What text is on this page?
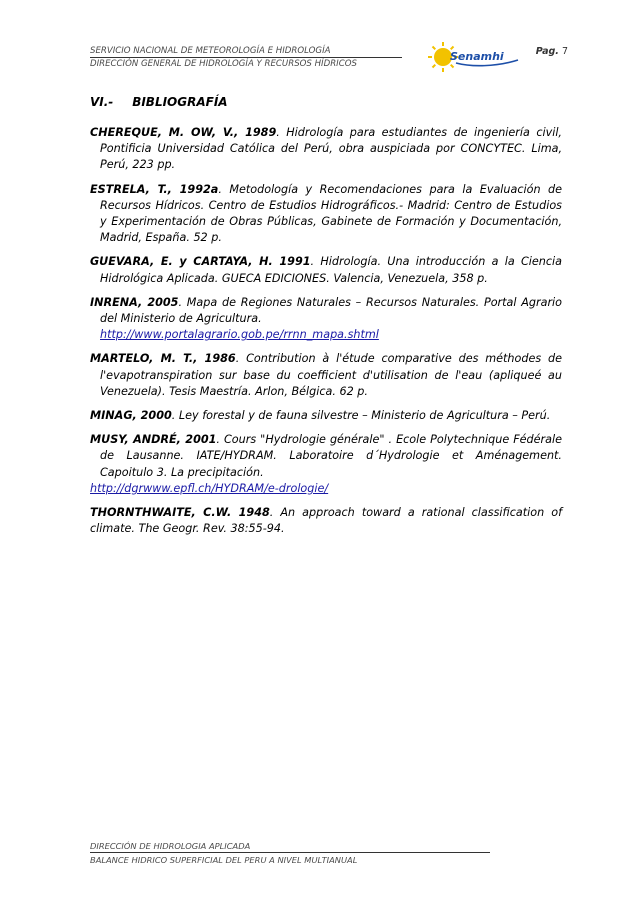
SERVICIO NACIONAL DE METEOROLOGÍA E HIDROLOGÍA
DIRECCIÓN GENERAL DE HIDROLOGÍA Y RECURSOS HÍDRICOS
Senamhi	Pag. 7
VI.- BIBLIOGRAFÍA

CHEREQUE, M. OW, V., 1989. Hidrología para estudiantes de ingeniería civil, Pontificia Universidad Católica del Perú, obra auspiciada por CONCYTEC. Lima, Perú, 223 pp.

ESTRELA, T., 1992a. Metodología y Recomendaciones para la Evaluación de Recursos Hídricos. Centro de Estudios Hidrográficos.- Madrid: Centro de Estudios y Experimentación de Obras Públicas, Gabinete de Formación y Documentación, Madrid, España. 52 p.

GUEVARA, E. y CARTAYA, H. 1991. Hidrología. Una introducción a la Ciencia Hidrológica Aplicada. GUECA EDICIONES. Valencia, Venezuela, 358 p.

INRENA, 2005. Mapa de Regiones Naturales – Recursos Naturales. Portal Agrario del Ministerio de Agricultura.
http://www.portalagrario.gob.pe/rrnn_mapa.shtml

MARTELO, M. T., 1986. Contribution à l'étude comparative des méthodes de l'evapotranspiration sur base du coefficient d'utilisation de l'eau (apliqueé au Venezuela). Tesis Maestría. Arlon, Bélgica. 62 p.

MINAG, 2000. Ley forestal y de fauna silvestre – Ministerio de Agricultura – Perú.

MUSY, ANDRÉ, 2001. Cours "Hydrologie générale" . Ecole Polytechnique Fédérale de Lausanne. IATE/HYDRAM. Laboratoire d´Hydrologie et Aménagement. Capoitulo 3. La precipitación.

http://dgrwww.epfl.ch/HYDRAM/e-drologie/

THORNTHWAITE, C.W. 1948. An approach toward a rational classification of climate. The Geogr. Rev. 38:55-94.

DIRECCIÓN DE HIDROLOGIA APLICADA
BALANCE HIDRICO SUPERFICIAL DEL PERU A NIVEL MULTIANUAL
